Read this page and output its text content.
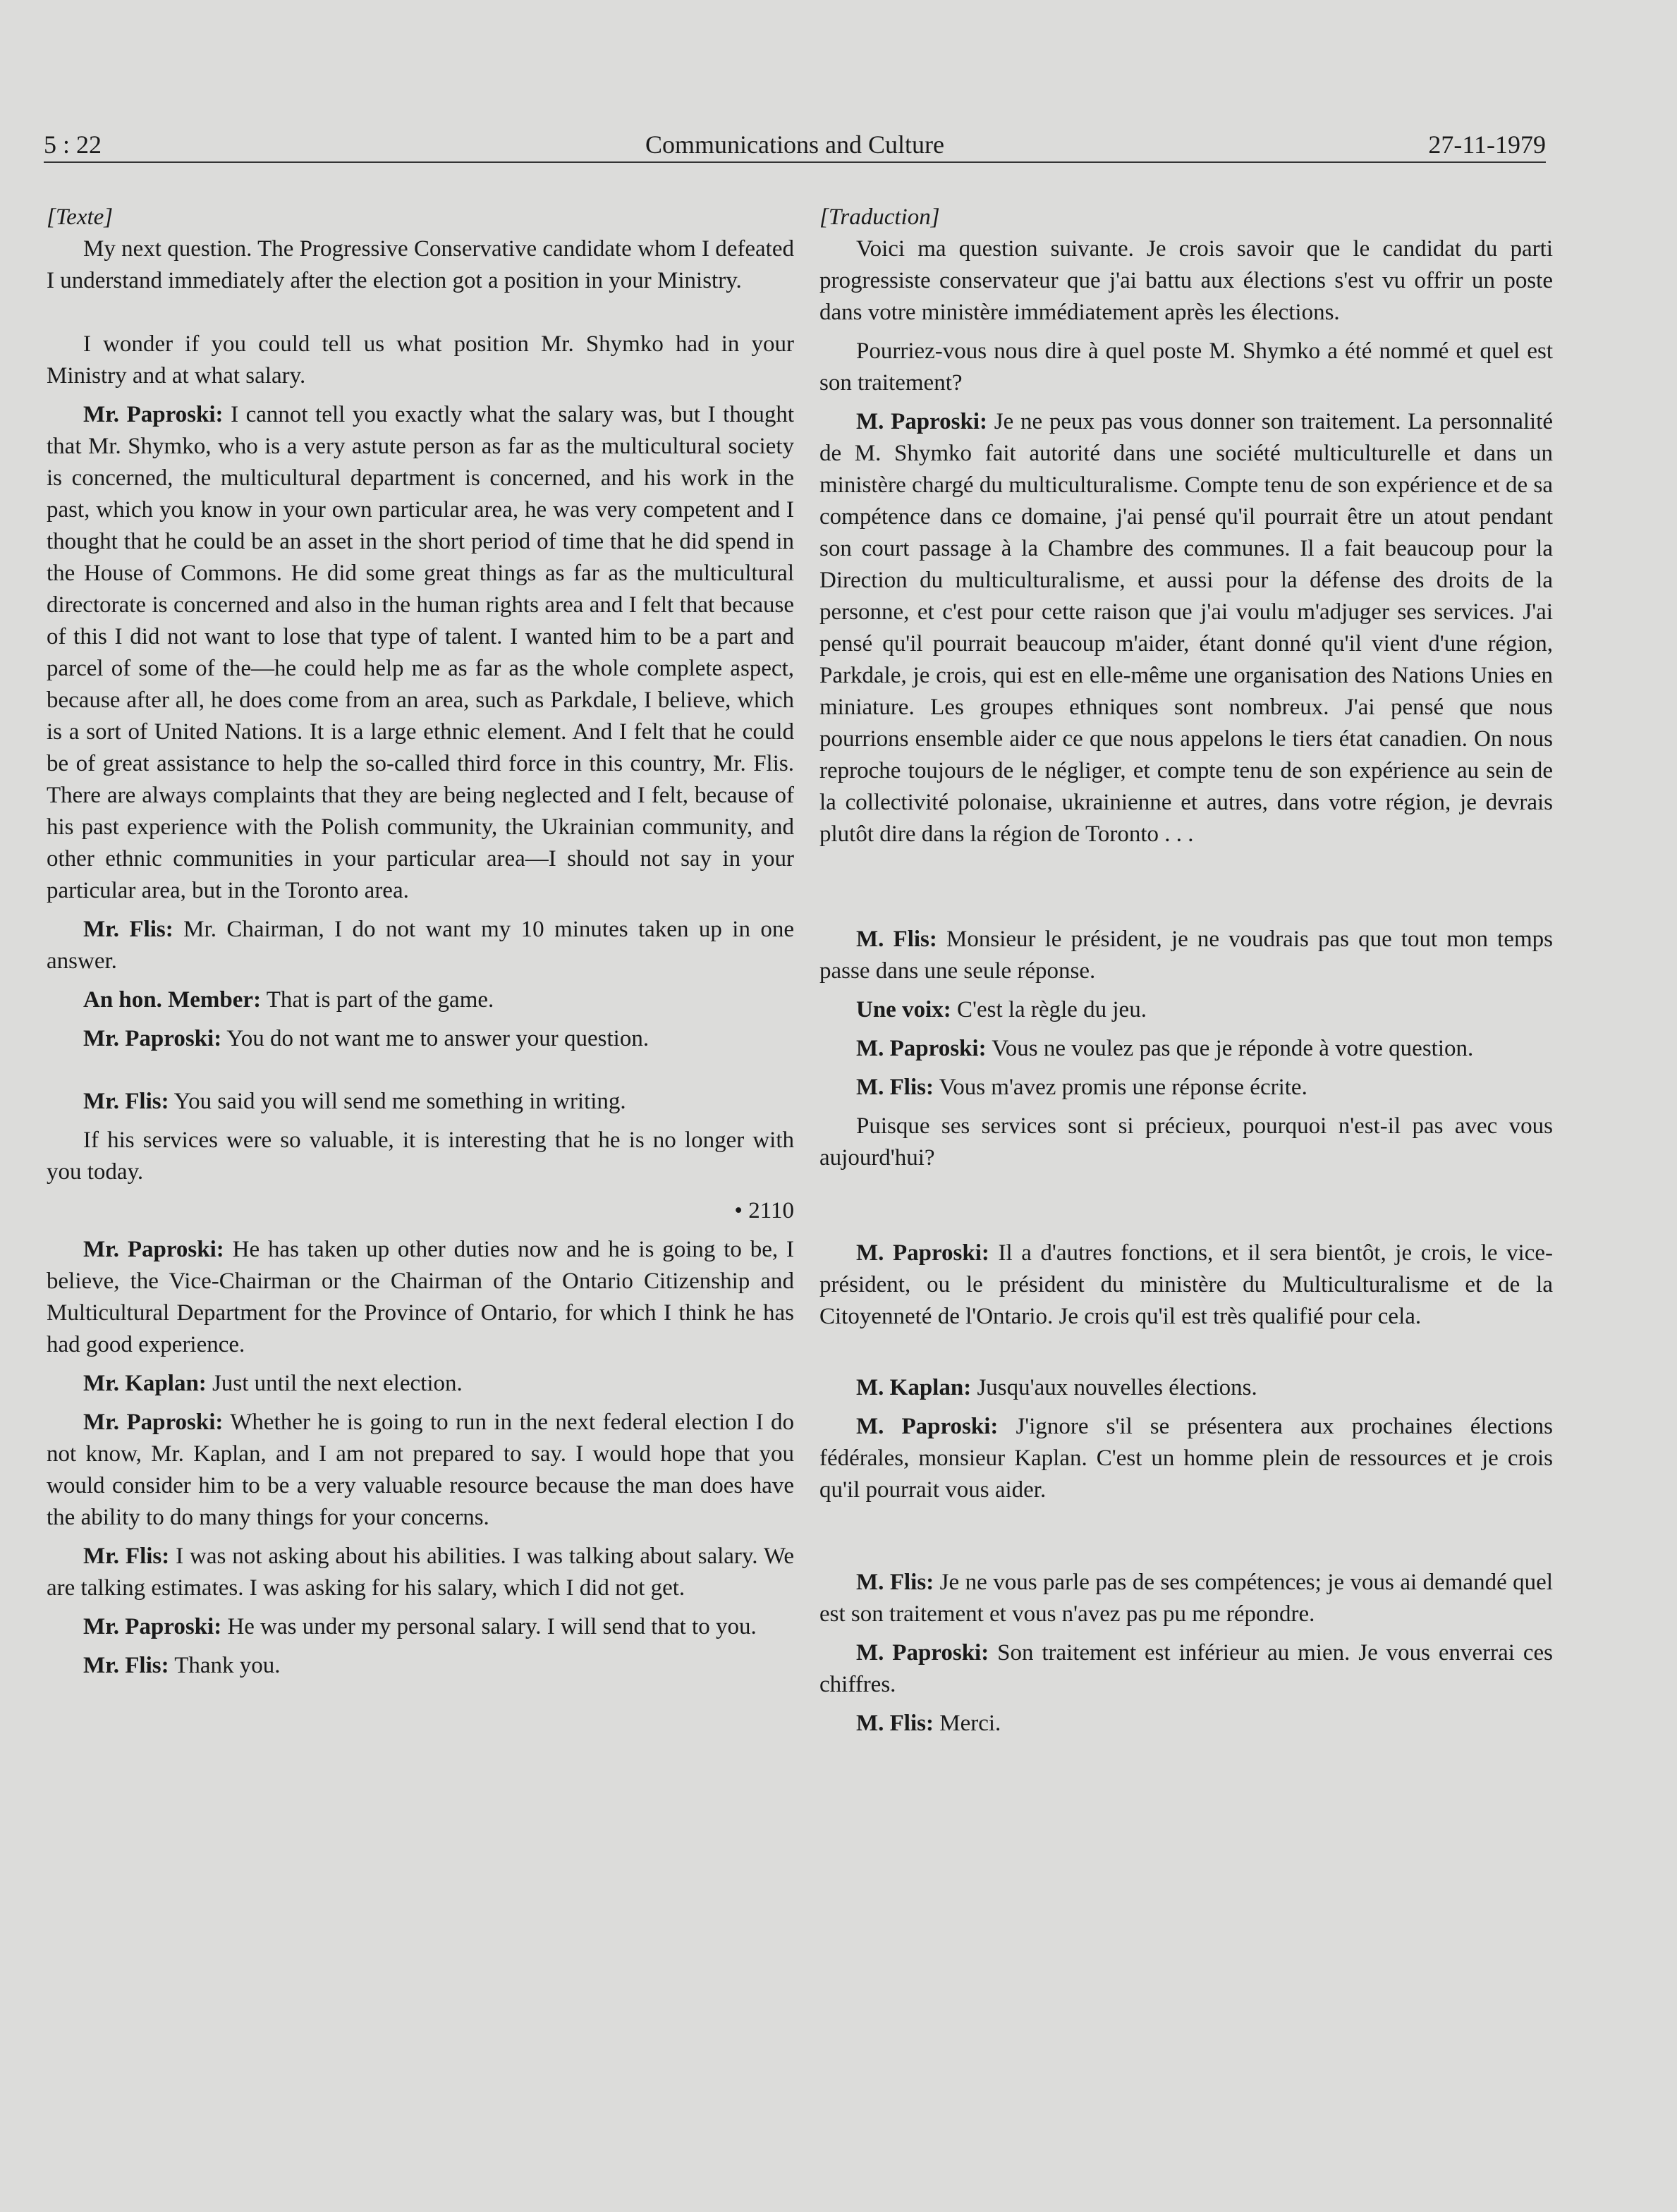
5 : 22	Communications and Culture	27-11-1979

[Texte]

My next question. The Progressive Conservative candidate whom I defeated I understand immediately after the election got a position in your Ministry.

I wonder if you could tell us what position Mr. Shymko had in your Ministry and at what salary.

Mr. Paproski: I cannot tell you exactly what the salary was, but I thought that Mr. Shymko, who is a very astute person as far as the multicultural society is concerned, the multicultural department is concerned, and his work in the past, which you know in your own particular area, he was very competent and I thought that he could be an asset in the short period of time that he did spend in the House of Commons. He did some great things as far as the multicultural directorate is concerned and also in the human rights area and I felt that because of this I did not want to lose that type of talent. I wanted him to be a part and parcel of some of the—he could help me as far as the whole complete aspect, because after all, he does come from an area, such as Parkdale, I believe, which is a sort of United Nations. It is a large ethnic element. And I felt that he could be of great assistance to help the so-called third force in this country, Mr. Flis. There are always complaints that they are being neglected and I felt, because of his past experience with the Polish community, the Ukrainian community, and other ethnic communities in your particular area—I should not say in your particular area, but in the Toronto area.

Mr. Flis: Mr. Chairman, I do not want my 10 minutes taken up in one answer.

An hon. Member: That is part of the game.

Mr. Paproski: You do not want me to answer your question.

Mr. Flis: You said you will send me something in writing.

If his services were so valuable, it is interesting that he is no longer with you today.

• 2110

Mr. Paproski: He has taken up other duties now and he is going to be, I believe, the Vice-Chairman or the Chairman of the Ontario Citizenship and Multicultural Department for the Province of Ontario, for which I think he has had good experience.

Mr. Kaplan: Just until the next election.

Mr. Paproski: Whether he is going to run in the next federal election I do not know, Mr. Kaplan, and I am not prepared to say. I would hope that you would consider him to be a very valuable resource because the man does have the ability to do many things for your concerns.

Mr. Flis: I was not asking about his abilities. I was talking about salary. We are talking estimates. I was asking for his salary, which I did not get.

Mr. Paproski: He was under my personal salary. I will send that to you.

Mr. Flis: Thank you.

[Traduction]

Voici ma question suivante. Je crois savoir que le candidat du parti progressiste conservateur que j'ai battu aux élections s'est vu offrir un poste dans votre ministère immédiatement après les élections.

Pourriez-vous nous dire à quel poste M. Shymko a été nommé et quel est son traitement?

M. Paproski: Je ne peux pas vous donner son traitement. La personnalité de M. Shymko fait autorité dans une société multiculturelle et dans un ministère chargé du multiculturalisme. Compte tenu de son expérience et de sa compétence dans ce domaine, j'ai pensé qu'il pourrait être un atout pendant son court passage à la Chambre des communes. Il a fait beaucoup pour la Direction du multiculturalisme, et aussi pour la défense des droits de la personne, et c'est pour cette raison que j'ai voulu m'adjuger ses services. J'ai pensé qu'il pourrait beaucoup m'aider, étant donné qu'il vient d'une région, Parkdale, je crois, qui est en elle-même une organisation des Nations Unies en miniature. Les groupes ethniques sont nombreux. J'ai pensé que nous pourrions ensemble aider ce que nous appelons le tiers état canadien. On nous reproche toujours de le négliger, et compte tenu de son expérience au sein de la collectivité polonaise, ukrainienne et autres, dans votre région, je devrais plutôt dire dans la région de Toronto . . .

M. Flis: Monsieur le président, je ne voudrais pas que tout mon temps passe dans une seule réponse.

Une voix: C'est la règle du jeu.

M. Paproski: Vous ne voulez pas que je réponde à votre question.

M. Flis: Vous m'avez promis une réponse écrite.

Puisque ses services sont si précieux, pourquoi n'est-il pas avec vous aujourd'hui?

M. Paproski: Il a d'autres fonctions, et il sera bientôt, je crois, le vice-président, ou le président du ministère du Multiculturalisme et de la Citoyenneté de l'Ontario. Je crois qu'il est très qualifié pour cela.

M. Kaplan: Jusqu'aux nouvelles élections.

M. Paproski: J'ignore s'il se présentera aux prochaines élections fédérales, monsieur Kaplan. C'est un homme plein de ressources et je crois qu'il pourrait vous aider.

M. Flis: Je ne vous parle pas de ses compétences; je vous ai demandé quel est son traitement et vous n'avez pas pu me répondre.

M. Paproski: Son traitement est inférieur au mien. Je vous enverrai ces chiffres.

M. Flis: Merci.
